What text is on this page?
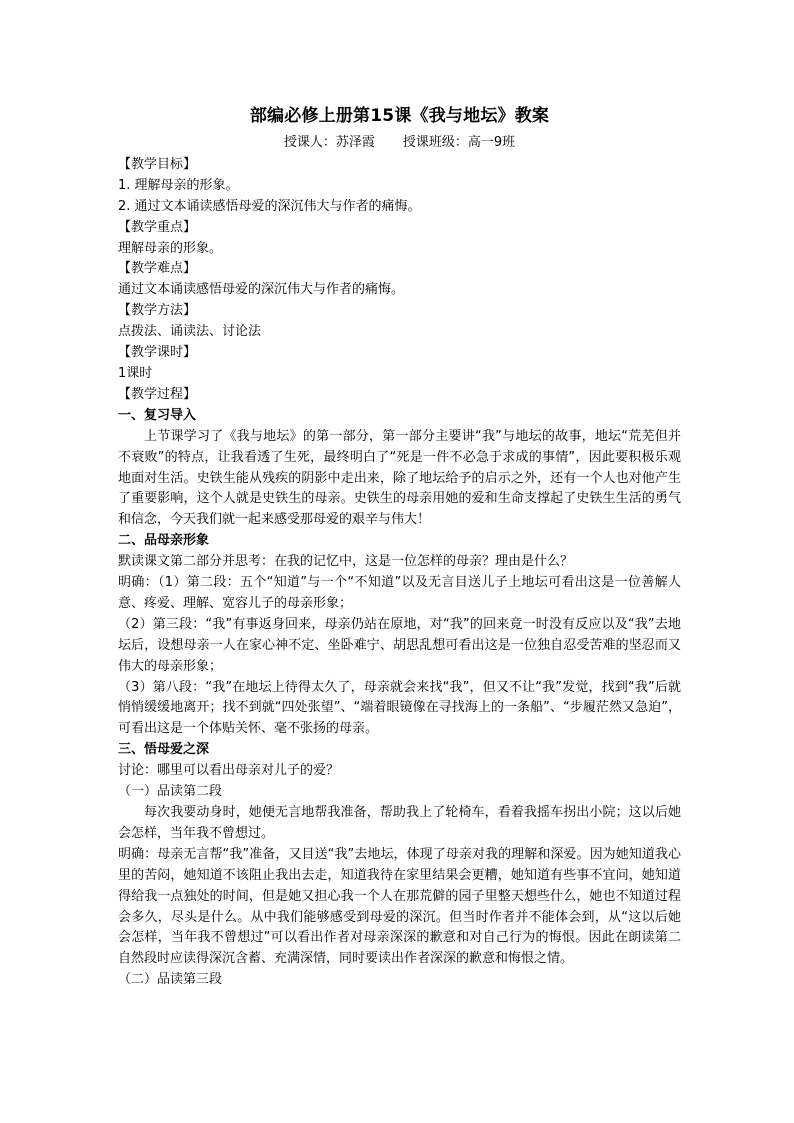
部编必修上册第15课《我与地坛》教案
授课人：苏泽霞 授课班级：高一9班

【教学目标】

1. 理解母亲的形象。

2. 通过文本诵读感悟母爱的深沉伟大与作者的痛悔。

【教学重点】

理解母亲的形象。

【教学难点】

通过文本诵读感悟母爱的深沉伟大与作者的痛悔。

【教学方法】

点拨法、诵读法、讨论法

【教学课时】

1课时

【教学过程】

一、复习导入

上节课学习了《我与地坛》的第一部分，第一部分主要讲“我”与地坛的故事，地坛“荒芜但并不衰败”的特点，让我看透了生死，最终明白了“死是一件不必急于求成的事情”，因此要积极乐观地面对生活。史铁生能从残疾的阴影中走出来，除了地坛给予的启示之外，还有一个人也对他产生了重要影响，这个人就是史铁生的母亲。史铁生的母亲用她的爱和生命支撑起了史铁生生活的勇气和信念，今天我们就一起来感受那母爱的艰辛与伟大！

二、品母亲形象

默读课文第二部分并思考：在我的记忆中，这是一位怎样的母亲？理由是什么？

明确：（1）第二段：五个“知道”与一个“不知道”以及无言目送儿子上地坛可看出这是一位善解人意、疼爱、理解、宽容儿子的母亲形象；

（2）第三段：“我”有事返身回来，母亲仍站在原地，对“我”的回来竟一时没有反应以及“我”去地坛后，设想母亲一人在家心神不定、坐卧难宁、胡思乱想可看出这是一位独自忍受苦难的坚忍而又伟大的母亲形象；

（3）第八段：“我”在地坛上待得太久了，母亲就会来找“我”，但又不让“我”发觉，找到“我”后就悄悄缓缓地离开；找不到就“四处张望”、“端着眼镜像在寻找海上的一条船”、“步履茫然又急迫”，可看出这是一个体贴关怀、毫不张扬的母亲。

三、悟母爱之深

讨论：哪里可以看出母亲对儿子的爱？

（一）品读第二段

每次我要动身时，她便无言地帮我准备，帮助我上了轮椅车，看着我摇车拐出小院；这以后她会怎样，当年我不曾想过。

明确：母亲无言帮“我”准备，又目送“我”去地坛，体现了母亲对我的理解和深爱。因为她知道我心里的苦闷，她知道不该阻止我出去走，知道我待在家里结果会更糟，她知道有些事不宜问，她知道得给我一点独处的时间，但是她又担心我一个人在那荒僻的园子里整天想些什么，她也不知道过程会多久，尽头是什么。从中我们能够感受到母爱的深沉。但当时作者并不能体会到，从“这以后她会怎样，当年我不曾想过”可以看出作者对母亲深深的歉意和对自己行为的悔恨。因此在朗读第二自然段时应读得深沉含蓄、充满深情，同时要读出作者深深的歉意和悔恨之情。

（二）品读第三段
